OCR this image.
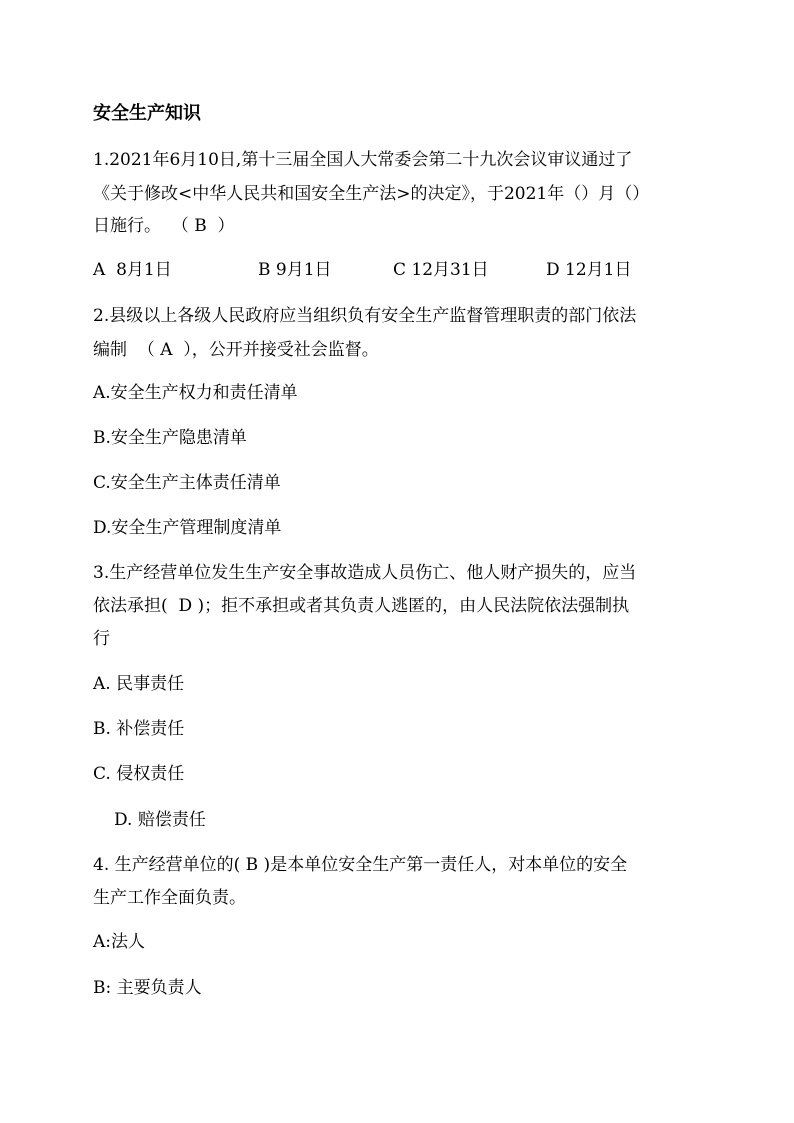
安全生产知识
1.2021年6月10日,第十三届全国人大常委会第二十九次会议审议通过了
《关于修改<中华人民共和国安全生产法>的决定》，于2021年（）月（）
日施行。  （ B  ）
A  8月1日	B 9月1日	C 12月31日	D 12月1日
2.县级以上各级人民政府应当组织负有安全生产监督管理职责的部门依法
编制  （ A  ），公开并接受社会监督。
A.安全生产权力和责任清单
B.安全生产隐患清单
C.安全生产主体责任清单
D.安全生产管理制度清单
3.生产经营单位发生生产安全事故造成人员伤亡、他人财产损失的，应当
依法承担(  D )；拒不承担或者其负责人逃匿的，由人民法院依法强制执
行
A. 民事责任
B. 补偿责任
C. 侵权责任
D. 赔偿责任
4. 生产经营单位的( B )是本单位安全生产第一责任人，对本单位的安全
生产工作全面负责。
A:法人
B: 主要负责人
